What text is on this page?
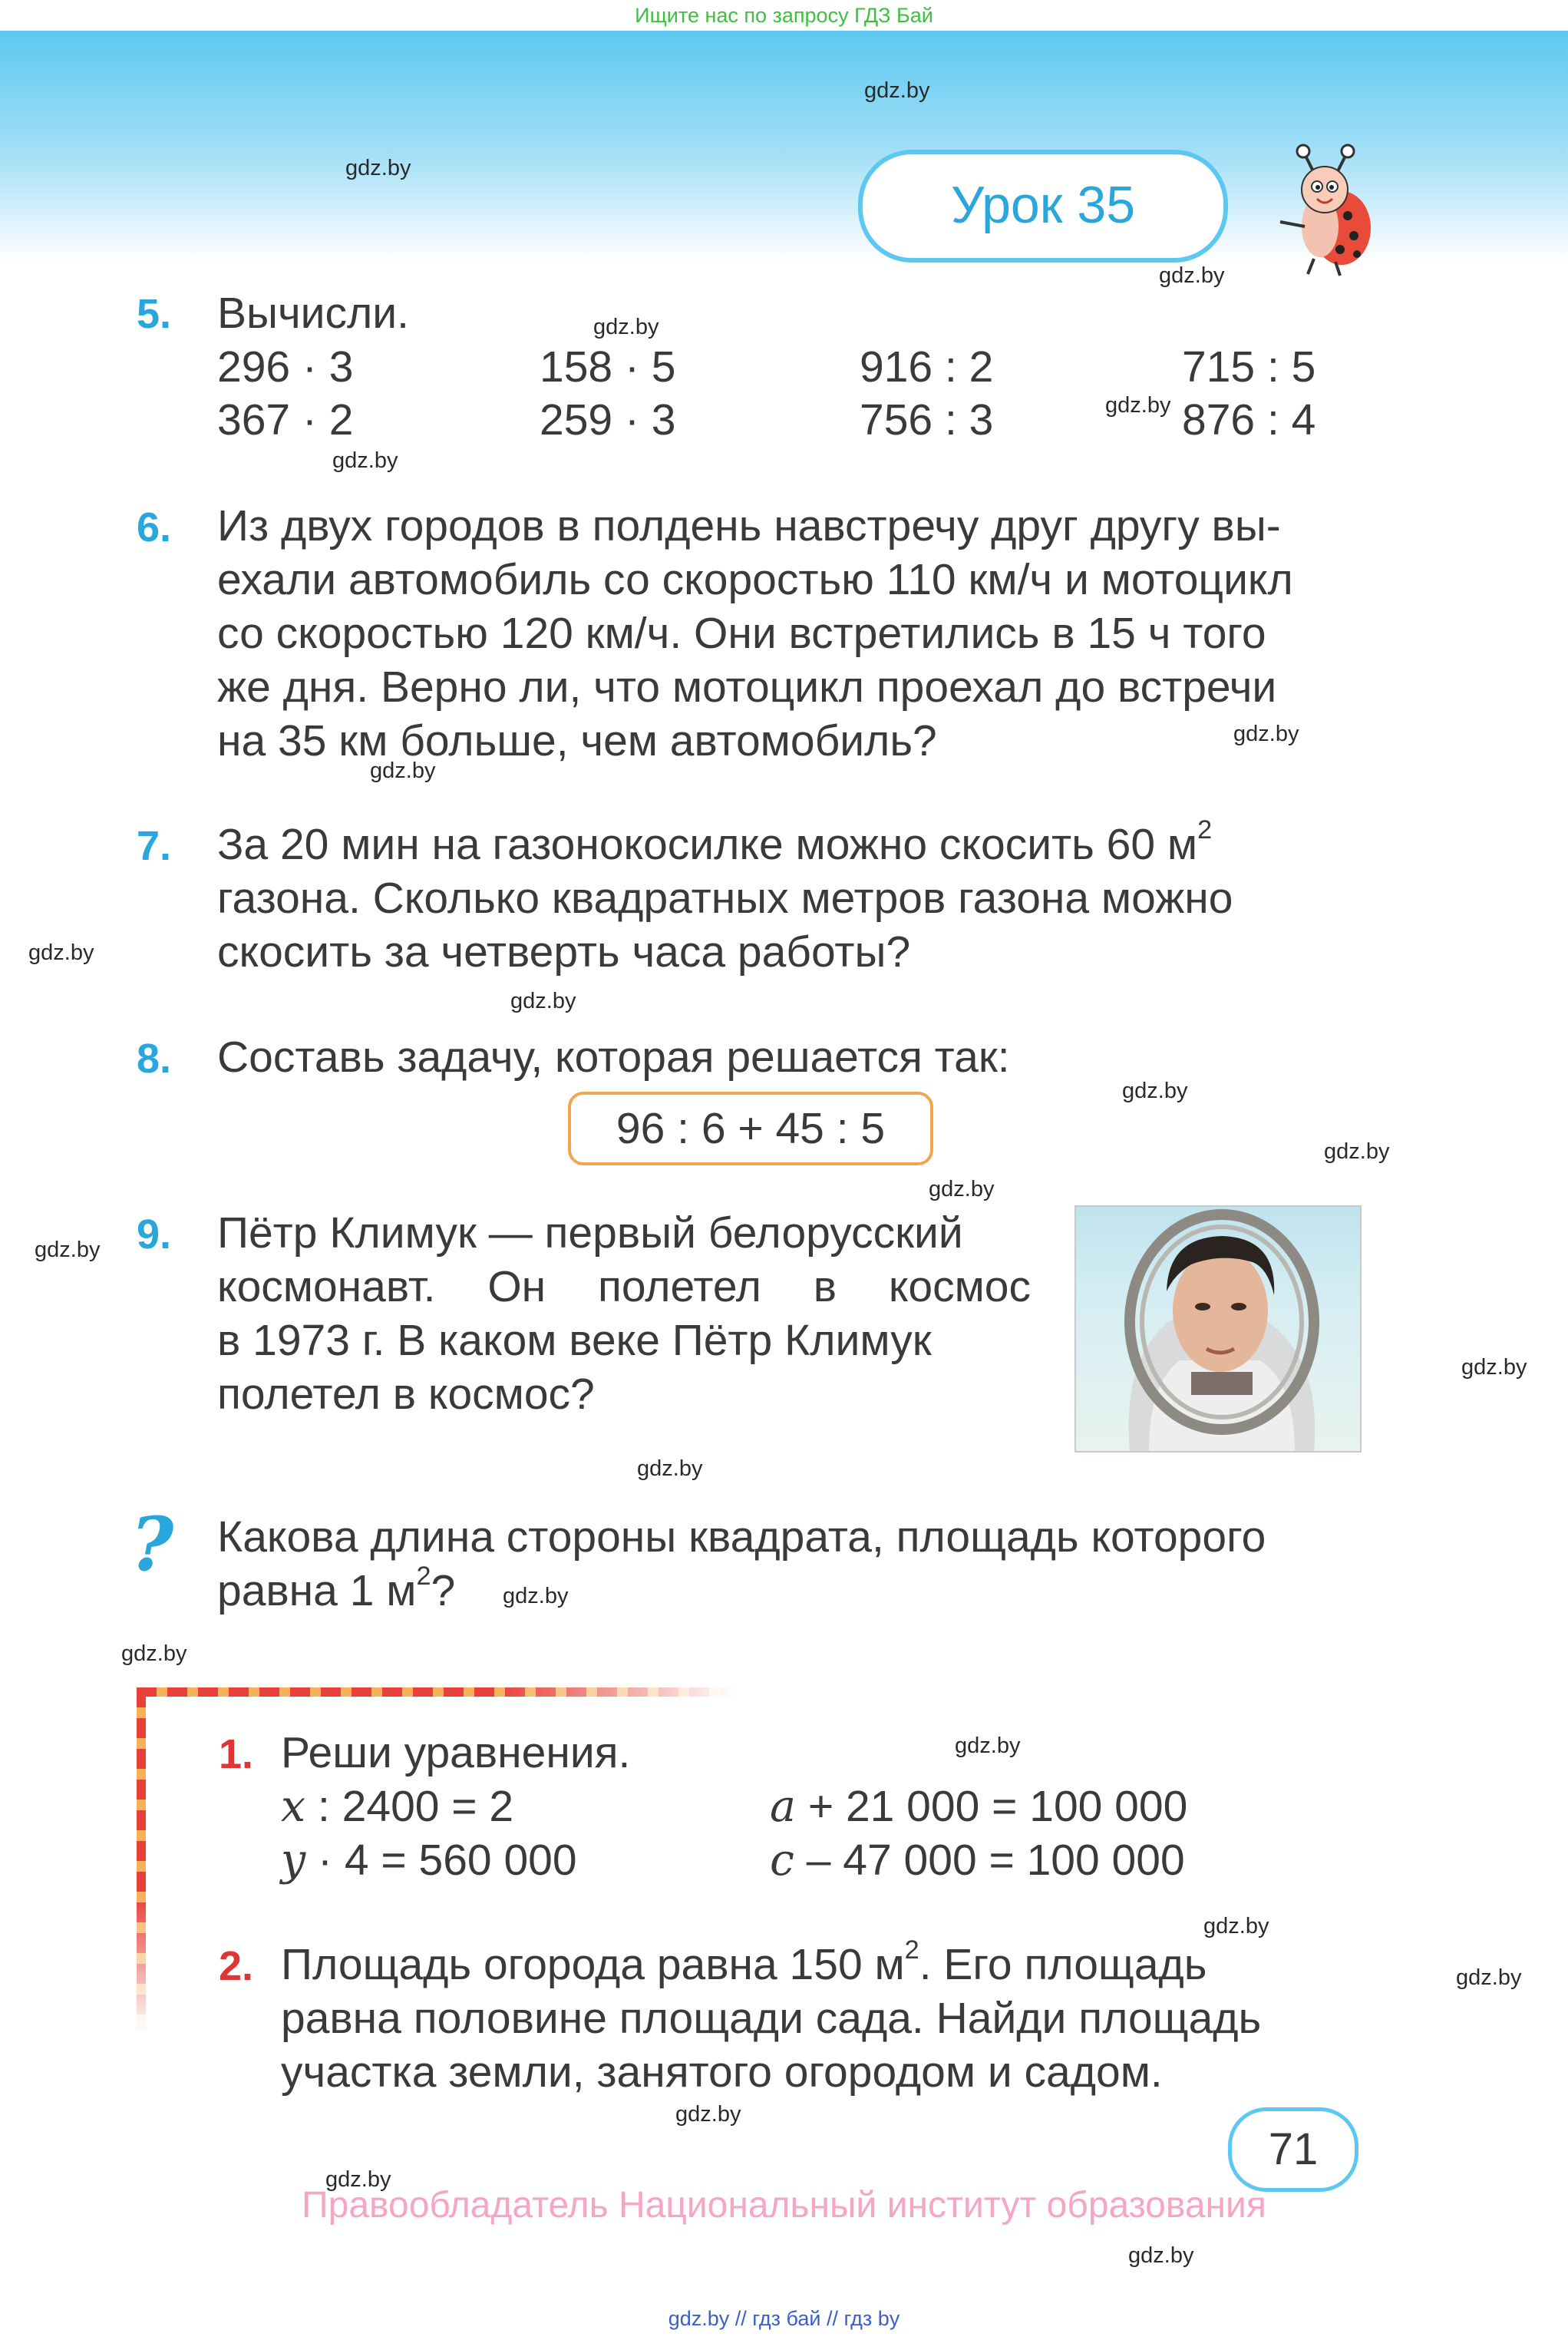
Ищите нас по запросу ГДЗ Бай
gdz.by
gdz.by
gdz.by
gdz.by
gdz.by
gdz.by
gdz.by
gdz.by
gdz.by
gdz.by
gdz.by
gdz.by
gdz.by
gdz.by
gdz.by
gdz.by
gdz.by
gdz.by
gdz.by
gdz.by
gdz.by
gdz.by
gdz.by
gdz.by
Урок 35
5. Вычисли.
296 · 3	158 · 5	916 : 2	715 : 5
367 · 2	259 · 3	756 : 3	876 : 4
6. Из двух городов в полдень навстречу друг другу вы-
ехали автомобиль со скоростью 110 км/ч и мотоцикл
со скоростью 120 км/ч. Они встретились в 15 ч того
же дня. Верно ли, что мотоцикл проехал до встречи
на 35 км больше, чем автомобиль?
7. За 20 мин на газонокосилке можно скосить 60 $м^2$
газона. Сколько квадратных метров газона можно
скосить за четверть часа работы?
8. Составь задачу, которая решается так:
96 : 6 + 45 : 5
9. Пётр Климук — первый белорусский
космонавт. Он полетел в космос
в 1973 г. В каком веке Пётр Климук
полетел в космос?
? Какова длина стороны квадрата, площадь которого
равна 1 $м^2$?
1. Реши уравнения.
x : 2400 = 2	a + 21 000 = 100 000
y · 4 = 560 000	c – 47 000 = 100 000
2. Площадь огорода равна 150 $м^2$. Его площадь
равна половине площади сада. Найди площадь
участка земли, занятого огородом и садом.
71
Правообладатель Национальный институт образования
gdz.by // гдз бай // гдз by
